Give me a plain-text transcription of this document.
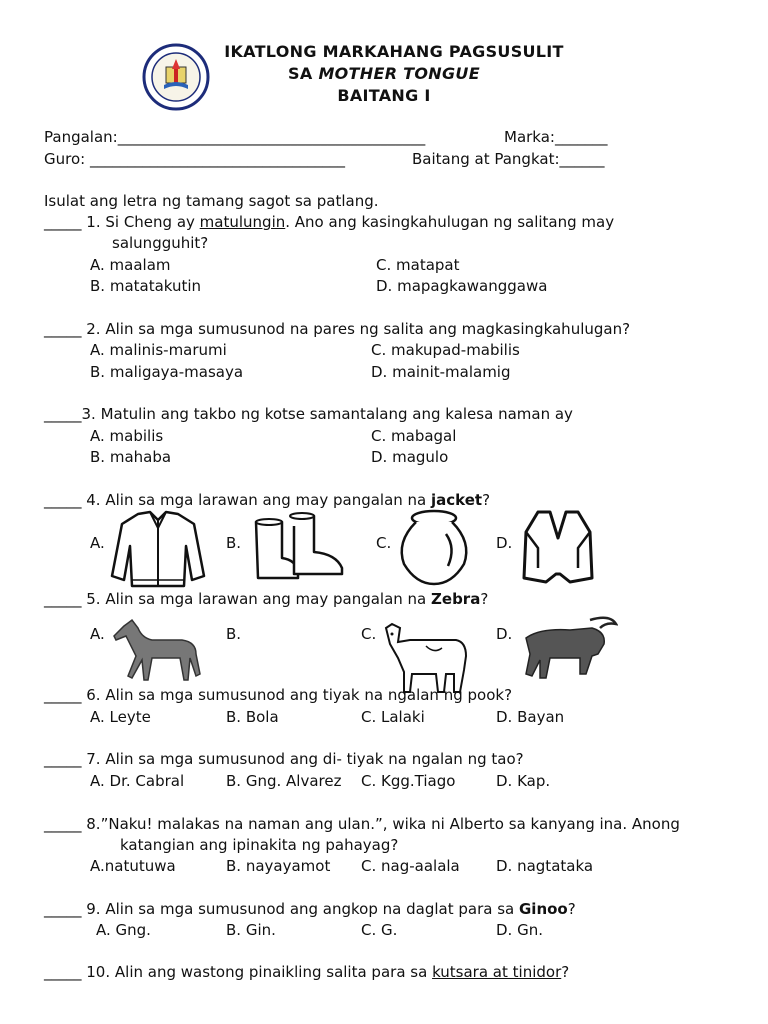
IKATLONG MARKAHANG PAGSUSULIT
SA MOTHER TONGUE
BAITANG I
Pangalan:_________________________________________	Marka:_______
Guro: __________________________________	Baitang at Pangkat:______
Isulat ang letra ng tamang sagot sa patlang.
_____ 1. Si Cheng ay matulungin. Ano ang kasingkahulugan ng salitang may
salungguhit?
A. maalam	C. matapat
B. matatakutin	D. mapagkawanggawa
_____ 2. Alin sa mga sumusunod na pares ng salita ang magkasingkahulugan?
A. malinis-marumi	C. makupad-mabilis
B. maligaya-masaya	D. mainit-malamig
_____3. Matulin ang takbo ng kotse samantalang ang kalesa naman ay
A. mabilis	C. mabagal
B. mahaba	D. magulo
_____ 4. Alin sa mga larawan ang may pangalan na jacket?
A.	B.	C.	D.
_____ 5. Alin sa mga larawan ang may pangalan na Zebra?
A.	B.	C.	D.
_____ 6. Alin sa mga sumusunod ang tiyak na ngalan ng pook?
A. Leyte	B. Bola	C. Lalaki	D. Bayan
_____ 7. Alin sa mga sumusunod ang di- tiyak na ngalan ng tao?
A. Dr. Cabral	B. Gng. Alvarez C. Kgg.Tiago	D. Kap.
_____ 8.”Naku! malakas na naman ang ulan.”, wika ni Alberto sa kanyang ina. Anong
katangian ang ipinakita ng pahayag?
A.natutuwa	B. nayayamot C. nag-aalala D. nagtataka
_____ 9. Alin sa mga sumusunod ang angkop na daglat para sa Ginoo?
A. Gng.	B. Gin.	C. G.	D. Gn.
_____ 10. Alin ang wastong pinaikling salita para sa kutsara at tinidor?
